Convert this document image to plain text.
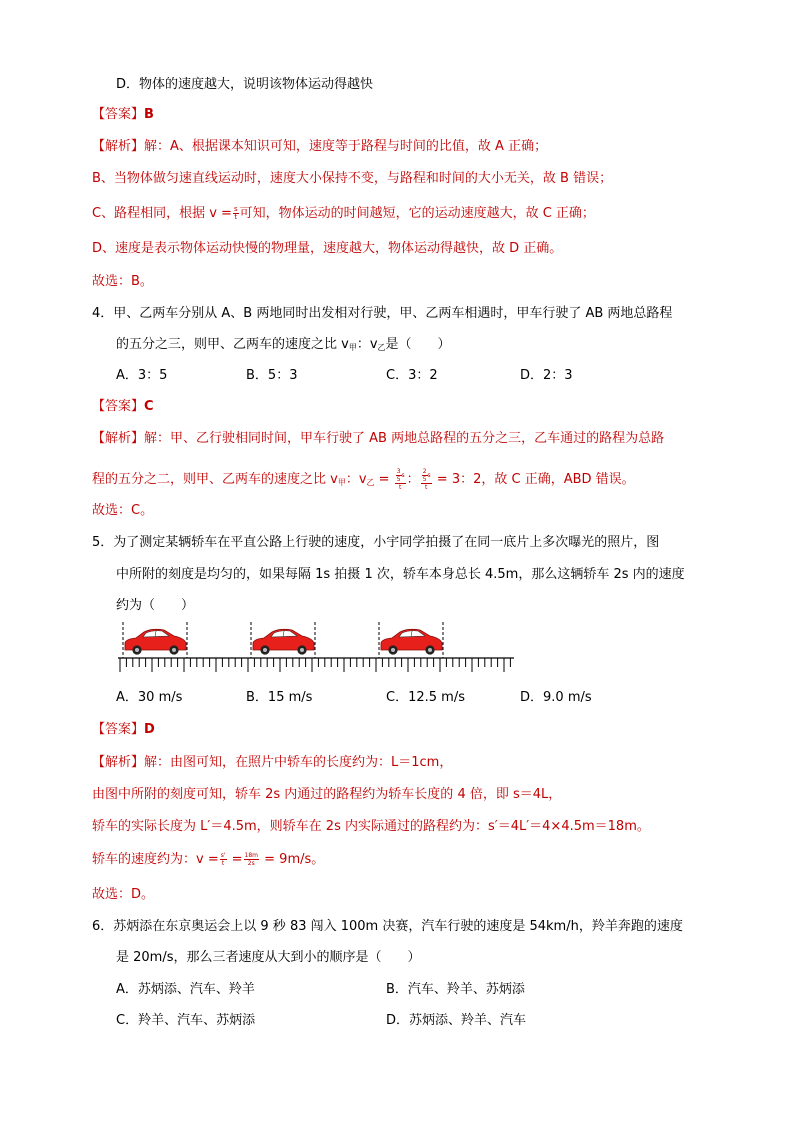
D．物体的速度越大，说明该物体运动得越快
【答案】B
【解析】解：A、根据课本知识可知，速度等于路程与时间的比值，故 A 正确；
B、当物体做匀速直线运动时，速度大小保持不变，与路程和时间的大小无关，故 B 错误；
C、路程相同，根据 $v = \frac{s}{t}$ 可知，物体运动的时间越短，它的运动速度越大，故 C 正确；
D、速度是表示物体运动快慢的物理量，速度越大，物体运动得越快，故 D 正确。
故选：B。
4．甲、乙两车分别从 A、B 两地同时出发相对行驶，甲、乙两车相遇时，甲车行驶了 AB 两地总路程
的五分之三，则甲、乙两车的速度之比 $v_甲$：$v_乙$是（　　）
A．3：5	B．5：3	C．3：2	D．2：3
【答案】C
【解析】解：甲、乙行驶相同时间，甲车行驶了 AB 两地总路程的五分之三，乙车通过的路程为总路
程的五分之二，则甲、乙两车的速度之比 $v_甲$：$v_乙 = \frac{\frac{3}{5} s}{t}$ ： $\frac{\frac{2}{5} s}{t} = 3$：2，故 C 正确，ABD 错误。
故选：C。
5．为了测定某辆轿车在平直公路上行驶的速度，小宇同学拍摄了在同一底片上多次曝光的照片，图
中所附的刻度是均匀的，如果每隔 1s 拍摄 1 次，轿车本身总长 4.5m，那么这辆轿车 2s 内的速度
约为（　　）
A．30 m/s	B．15 m/s	C．12.5 m/s	D．9.0 m/s
【答案】D
【解析】解：由图可知，在照片中轿车的长度约为：L＝1cm，
由图中所附的刻度可知，轿车 2s 内通过的路程约为轿车长度的 4 倍，即 s＝4L，
轿车的实际长度为 L′＝4.5m，则轿车在 2s 内实际通过的路程约为：s′＝4L′＝4×4.5m＝18m。
轿车的速度约为：$v = \frac{s'}{t} = \frac{18m}{2s} = 9m/s$。
故选：D。
6．苏炳添在东京奥运会上以 9 秒 83 闯入 100m 决赛，汽车行驶的速度是 54km/h，羚羊奔跑的速度
是 20m/s，那么三者速度从大到小的顺序是（　　）
A．苏炳添、汽车、羚羊	B．汽车、羚羊、苏炳添
C．羚羊、汽车、苏炳添	D．苏炳添、羚羊、汽车
